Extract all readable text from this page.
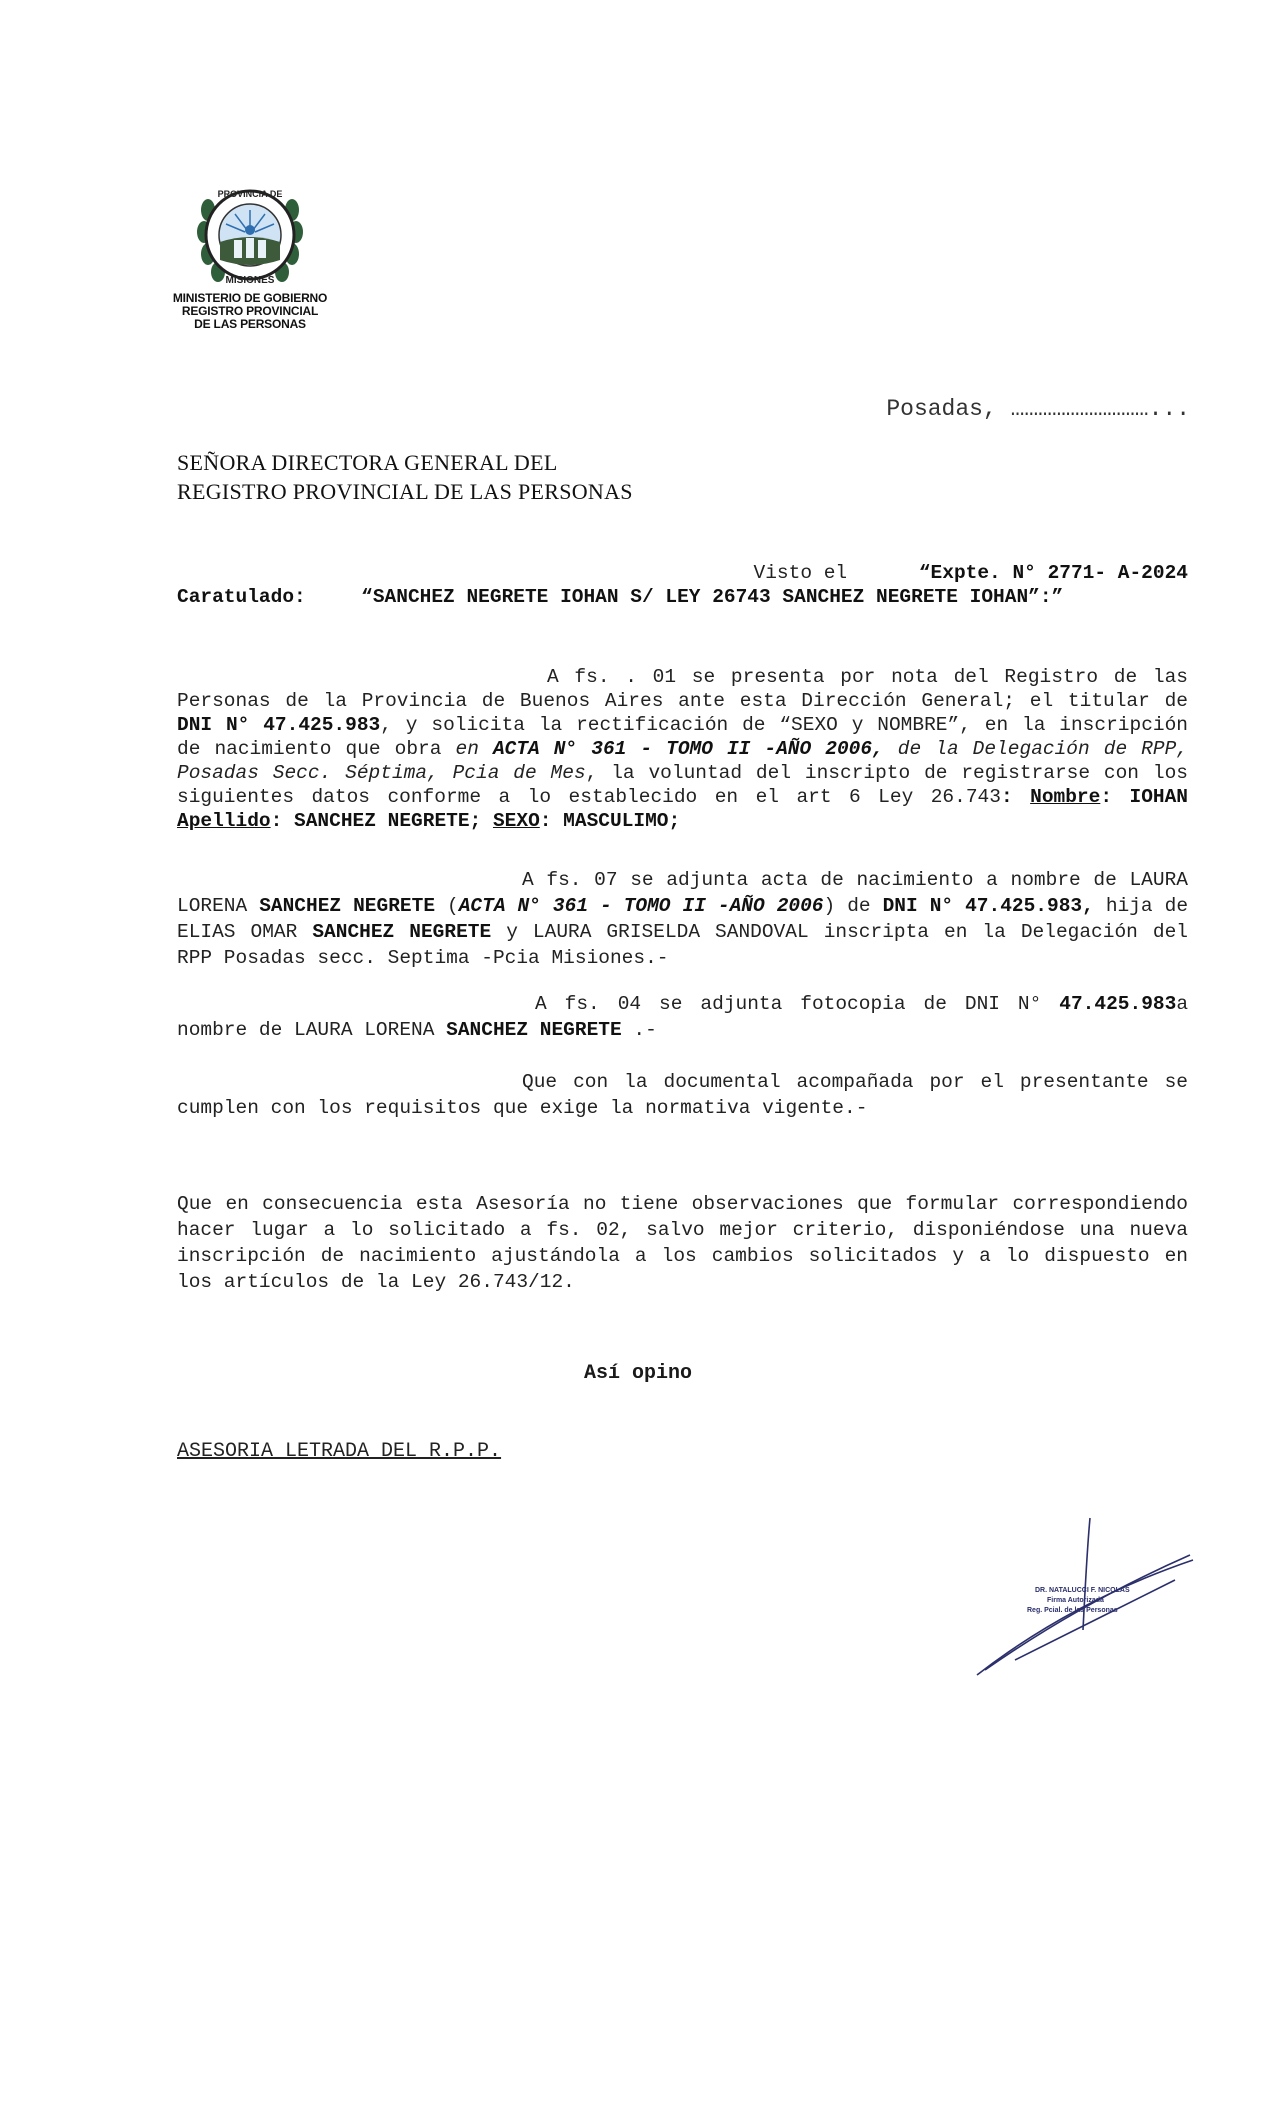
PROVINCIA DE
MISIONES
MINISTERIO DE GOBIERNO
REGISTRO PROVINCIAL
DE LAS PERSONAS
Posadas, …………………………...
SEÑORA DIRECTORA GENERAL DEL
REGISTRO PROVINCIAL DE LAS PERSONAS
Visto el	“Expte. N° 2771- A-2024
Caratulado:	“SANCHEZ NEGRETE IOHAN S/ LEY 26743 SANCHEZ NEGRETE IOHAN”:”
A fs. . 01 se presenta por nota del Registro de las Personas de la Provincia de Buenos Aires ante esta Dirección General; el titular de DNI N° 47.425.983, y solicita la rectificación de “SEXO y NOMBRE”, en la inscripción de nacimiento que obra en ACTA N° 361 - TOMO II -AÑO 2006, de la Delegación de RPP, Posadas Secc. Séptima, Pcia de Mes, la voluntad del inscripto de registrarse con los siguientes datos conforme a lo establecido en el art 6 Ley 26.743: Nombre: IOHAN Apellido: SANCHEZ NEGRETE; SEXO: MASCULIMO;
A fs. 07 se adjunta acta de nacimiento a nombre de LAURA LORENA SANCHEZ NEGRETE (ACTA N° 361 - TOMO II -AÑO 2006) de DNI N° 47.425.983, hija de ELIAS OMAR SANCHEZ NEGRETE y LAURA GRISELDA SANDOVAL inscripta en la Delegación del RPP Posadas secc. Septima -Pcia Misiones.-
A fs. 04 se adjunta fotocopia de DNI N° 47.425.983a nombre de LAURA LORENA SANCHEZ NEGRETE .-
Que con la documental acompañada por el presentante se cumplen con los requisitos que exige la normativa vigente.-
Que en consecuencia esta Asesoría no tiene observaciones que formular correspondiendo hacer lugar a lo solicitado a fs. 02, salvo mejor criterio, disponiéndose una nueva inscripción de nacimiento ajustándola a los cambios solicitados y a lo dispuesto en los artículos de la Ley 26.743/12.
Así opino
ASESORIA LETRADA DEL R.P.P.
DR. NATALUCCI F. NICOLAS
Firma Autorizada
Reg. Pcial. de las Personas
